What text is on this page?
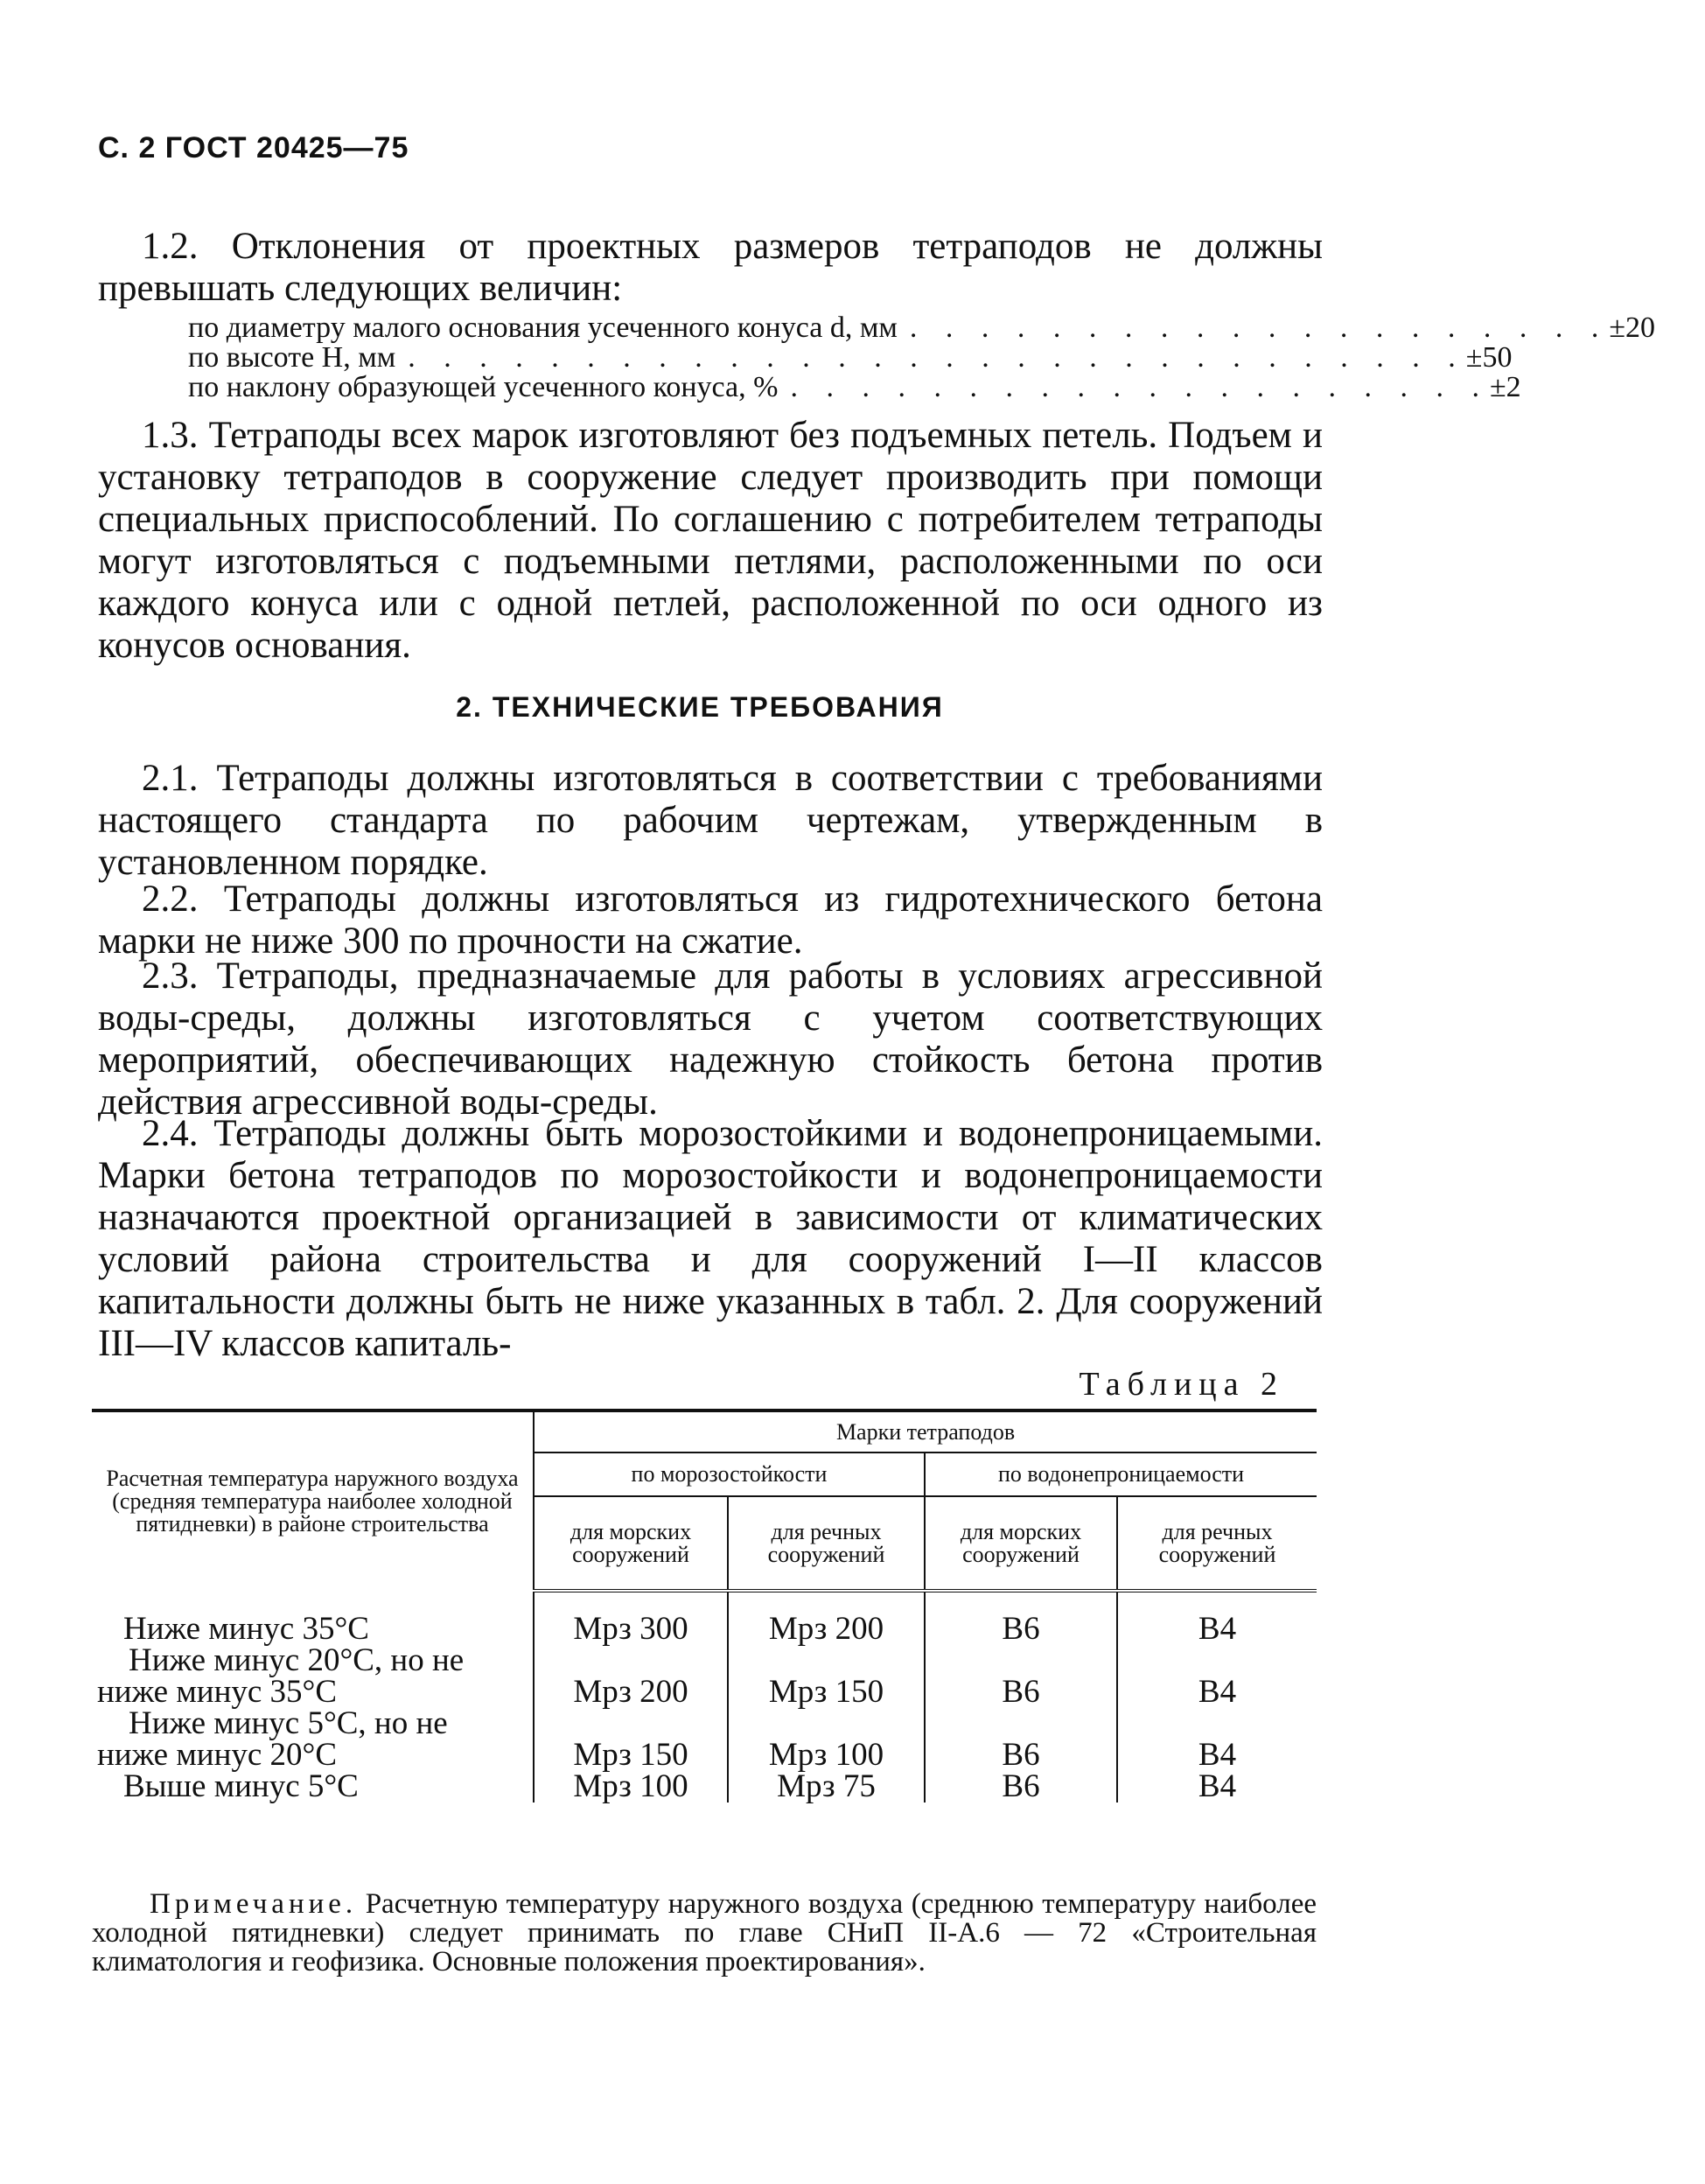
С. 2 ГОСТ 20425—75

1.2. Отклонения от проектных размеров тетраподов не должны превышать следующих величин:

по диаметру малого основания усеченного конуса d, мм . . . . . . . . . . . . . . . . . . . . ±20
по высоте H, мм . . . . . . . . . . . . . . . . . . . . . . . . . . . . . . ±50
по наклону образующей усеченного конуса, % . . . . . . . . . . . . . . . . . . . . ±2

1.3. Тетраподы всех марок изготовляют без подъемных петель. Подъем и установку тетраподов в сооружение следует производить при помощи специальных приспособлений. По соглашению с потребителем тетраподы могут изготовляться с подъемными петлями, расположенными по оси каждого конуса или с одной петлей, расположенной по оси одного из конусов основания.

2. ТЕХНИЧЕСКИЕ ТРЕБОВАНИЯ

2.1. Тетраподы должны изготовляться в соответствии с требованиями настоящего стандарта по рабочим чертежам, утвержденным в установленном порядке.

2.2. Тетраподы должны изготовляться из гидротехнического бетона марки не ниже 300 по прочности на сжатие.

2.3. Тетраподы, предназначаемые для работы в условиях агрессивной воды-среды, должны изготовляться с учетом соответствующих мероприятий, обеспечивающих надежную стойкость бетона против действия агрессивной воды-среды.

2.4. Тетраподы должны быть морозостойкими и водонепроницаемыми. Марки бетона тетраподов по морозостойкости и водонепроницаемости назначаются проектной организацией в зависимости от климатических условий района строительства и для сооружений I—II классов капитальности должны быть не ниже указанных в табл. 2. Для сооружений III—IV классов капиталь-

Таблица 2
Расчетная температура наружного воздуха (средняя температура наиболее холодной пятидневки) в районе строительства	Марки тетраподов			
	по морозостойкости		по водонепроницаемости	
	для морских сооружений	для речных сооружений	для морских сооружений	для речных сооружений
Ниже минус 35°С	Мрз 300	Мрз 200	В6	В4

Ниже минус 20°С, но не
ниже минус 35°С	Мрз 200	Мрз 150	В6	В4

Ниже минус 5°С, но не
ниже минус 20°С	Мрз 150	Мрз 100	В6	В4
Выше минус 5°С	Мрз 100	Мрз 75	В6	В4
Примечание. Расчетную температуру наружного воздуха (среднюю температуру наиболее холодной пятидневки) следует принимать по главе СНиП II-А.6 — 72 «Строительная климатология и геофизика. Основные положения проектирования».
